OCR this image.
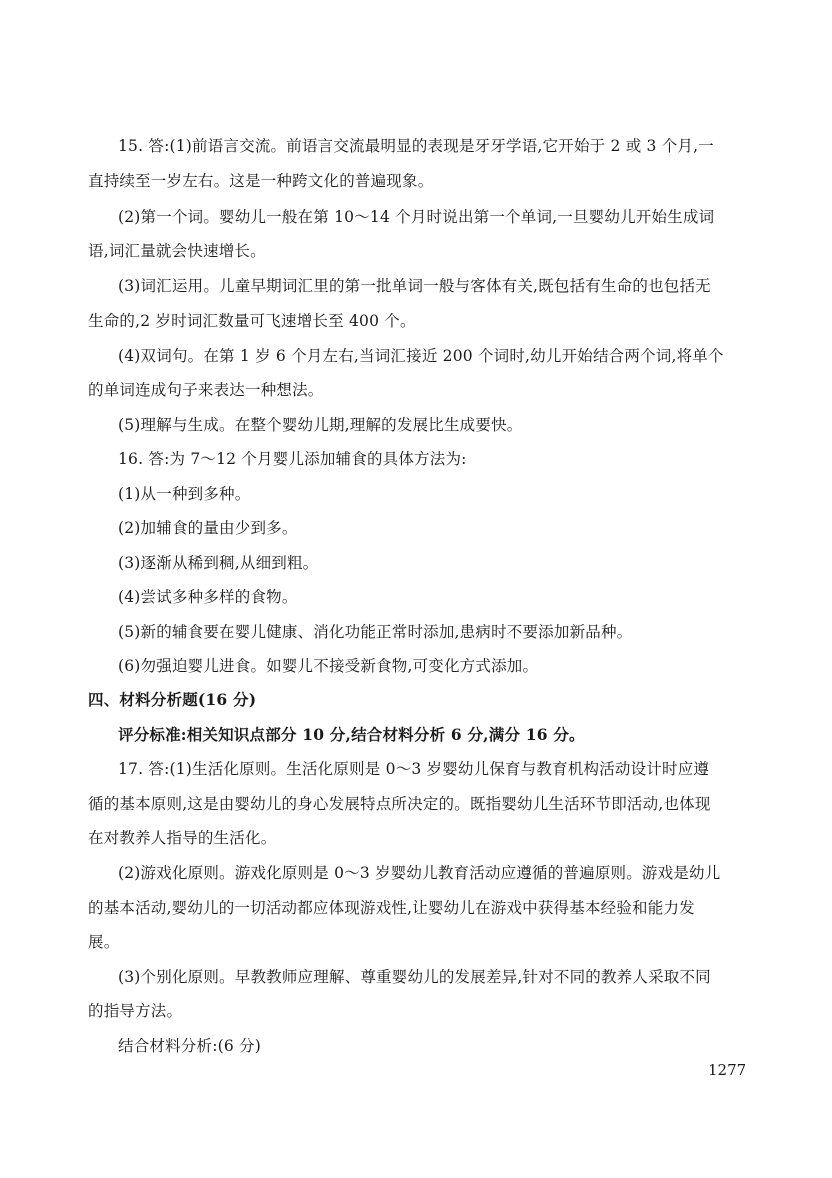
15. 答:(1)前语言交流。前语言交流最明显的表现是牙牙学语,它开始于 2 或 3 个月,一
直持续至一岁左右。这是一种跨文化的普遍现象。
(2)第一个词。婴幼儿一般在第 10～14 个月时说出第一个单词,一旦婴幼儿开始生成词
语,词汇量就会快速增长。
(3)词汇运用。儿童早期词汇里的第一批单词一般与客体有关,既包括有生命的也包括无
生命的,2 岁时词汇数量可飞速增长至 400 个。
(4)双词句。在第 1 岁 6 个月左右,当词汇接近 200 个词时,幼儿开始结合两个词,将单个
的单词连成句子来表达一种想法。
(5)理解与生成。在整个婴幼儿期,理解的发展比生成要快。
16. 答:为 7～12 个月婴儿添加辅食的具体方法为:
(1)从一种到多种。
(2)加辅食的量由少到多。
(3)逐渐从稀到稠,从细到粗。
(4)尝试多种多样的食物。
(5)新的辅食要在婴儿健康、消化功能正常时添加,患病时不要添加新品种。
(6)勿强迫婴儿进食。如婴儿不接受新食物,可变化方式添加。
四、材料分析题(16 分)
评分标准:相关知识点部分 10 分,结合材料分析 6 分,满分 16 分。
17. 答:(1)生活化原则。生活化原则是 0～3 岁婴幼儿保育与教育机构活动设计时应遵
循的基本原则,这是由婴幼儿的身心发展特点所决定的。既指婴幼儿生活环节即活动,也体现
在对教养人指导的生活化。
(2)游戏化原则。游戏化原则是 0～3 岁婴幼儿教育活动应遵循的普遍原则。游戏是幼儿
的基本活动,婴幼儿的一切活动都应体现游戏性,让婴幼儿在游戏中获得基本经验和能力发
展。
(3)个别化原则。早教教师应理解、尊重婴幼儿的发展差异,针对不同的教养人采取不同
的指导方法。
结合材料分析:(6 分)
1277
